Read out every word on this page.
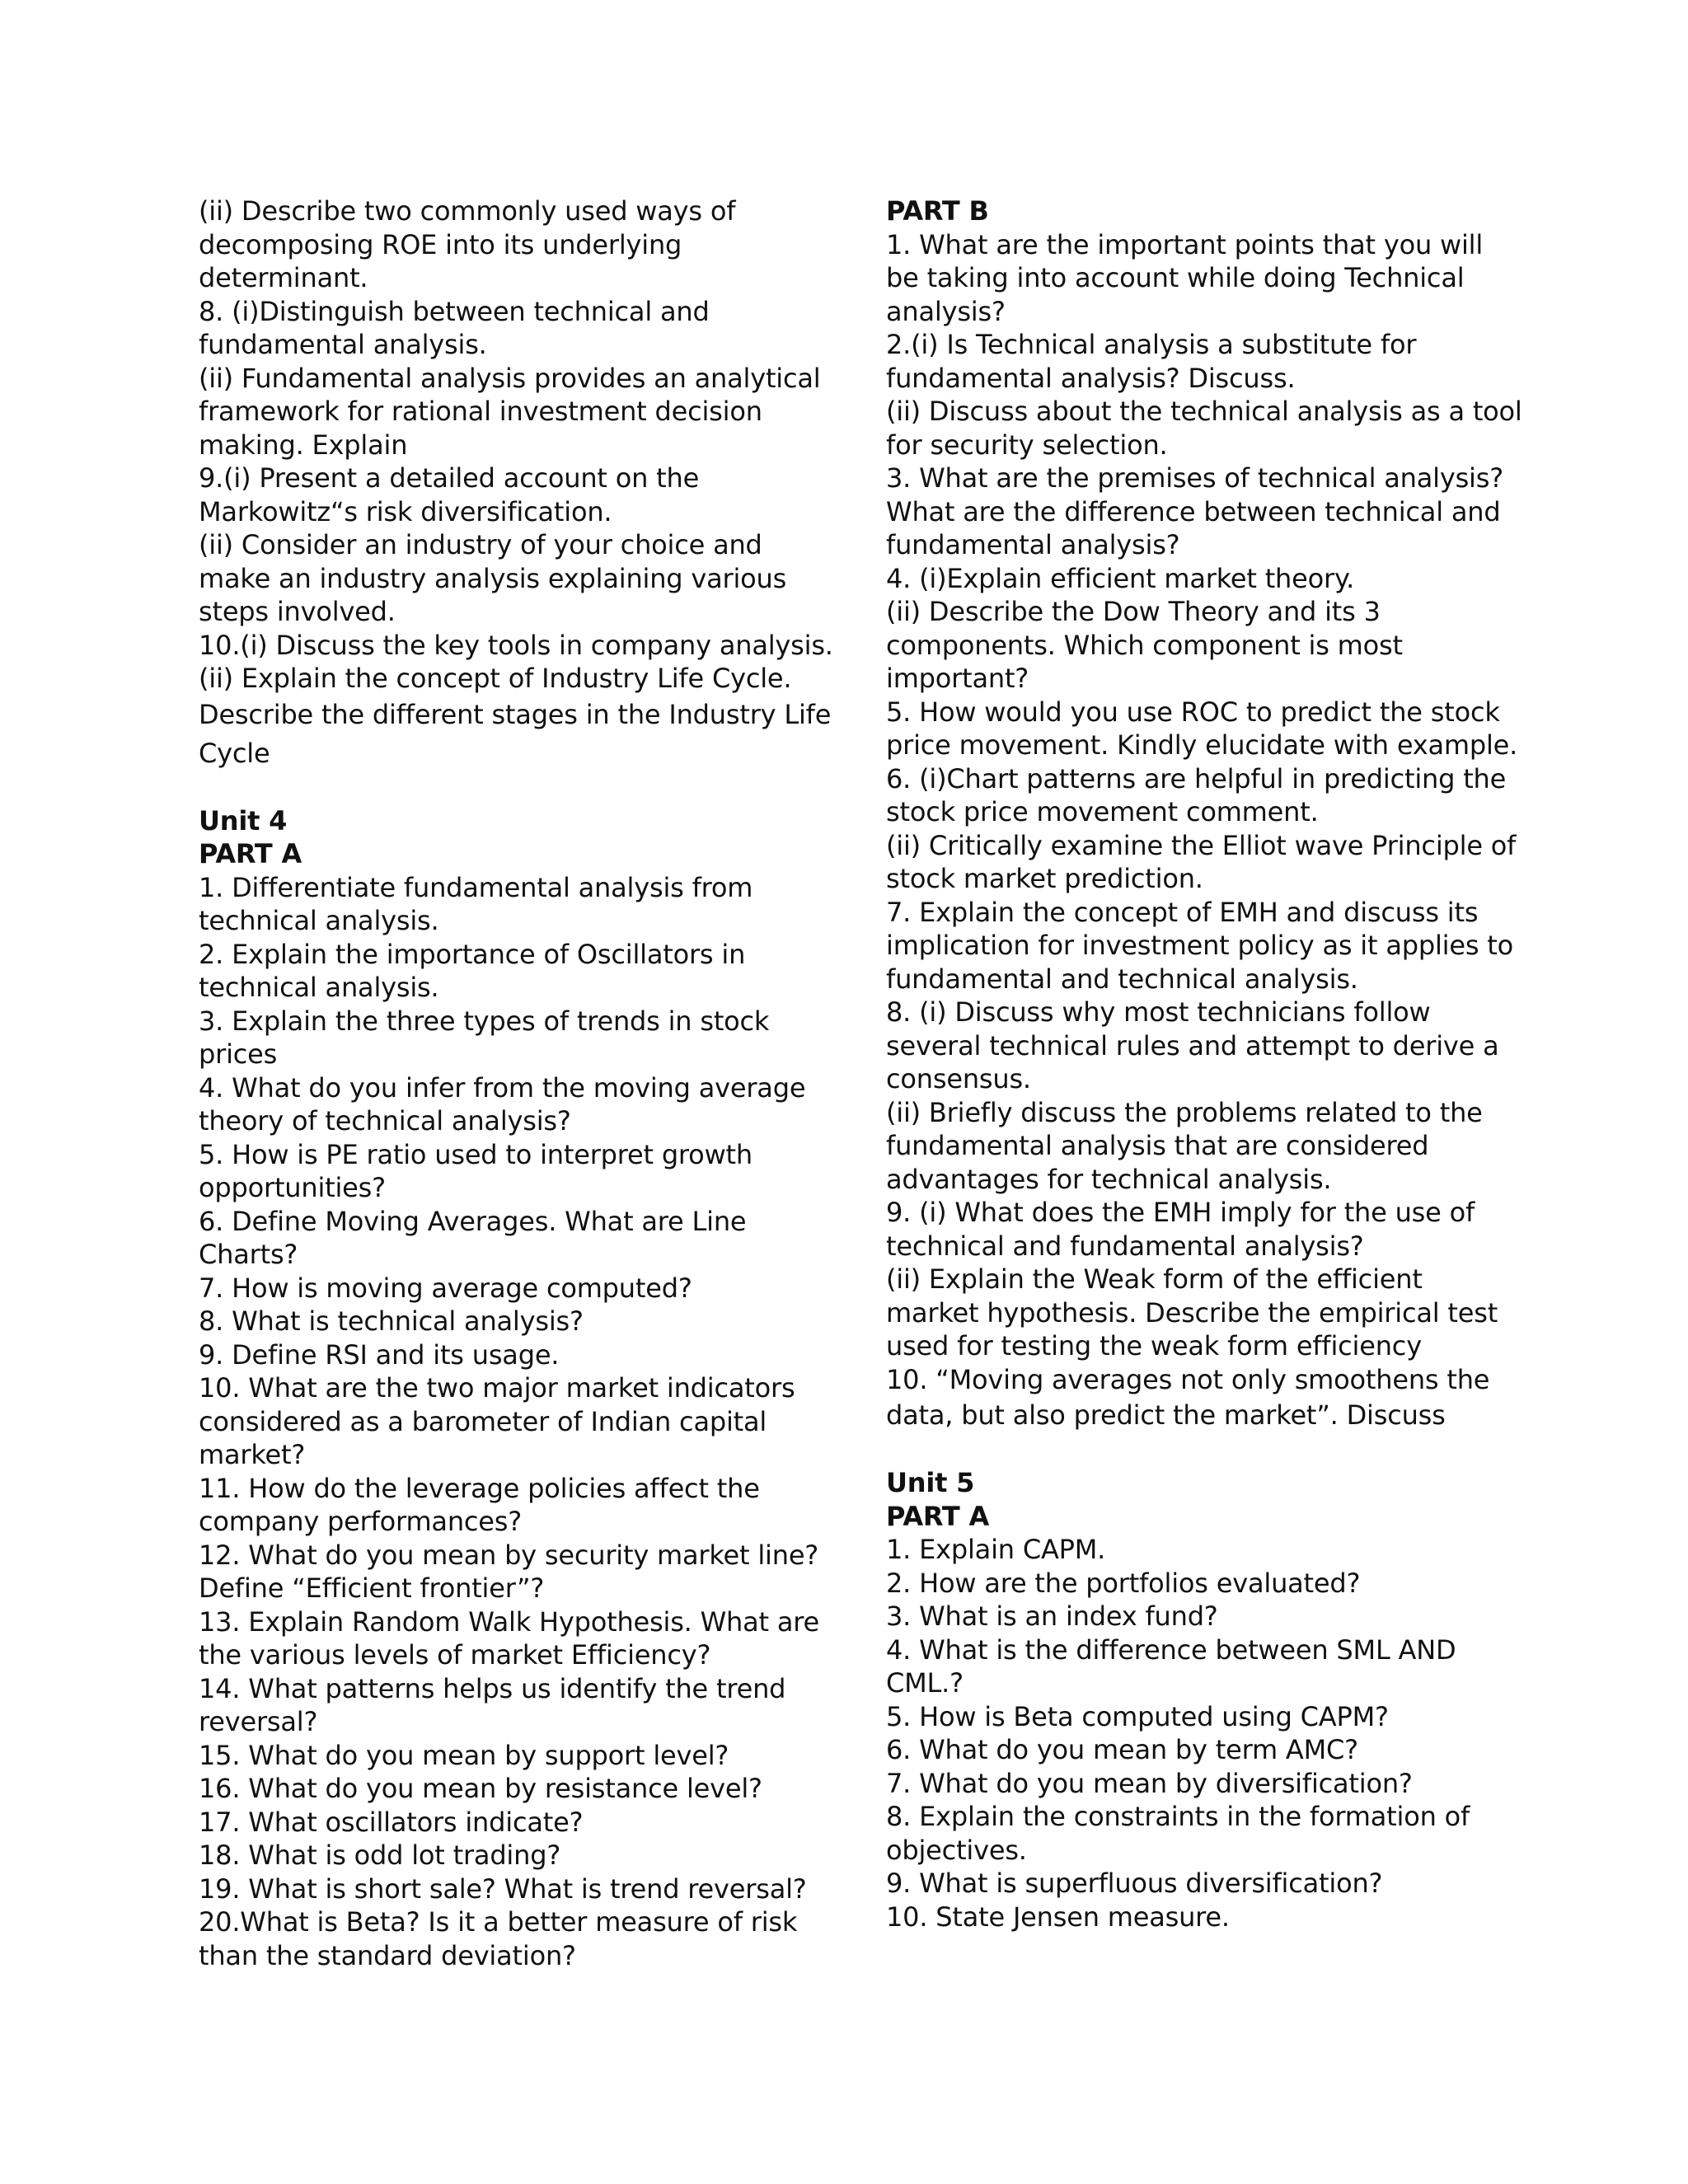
(ii) Describe two commonly used ways of
decomposing ROE into its underlying
determinant.
8. (i)Distinguish between technical and
fundamental analysis.
(ii) Fundamental analysis provides an analytical
framework for rational investment decision
making. Explain
9.(i) Present a detailed account on the
Markowitz“s risk diversification.
(ii) Consider an industry of your choice and
make an industry analysis explaining various
steps involved.
10.(i) Discuss the key tools in company analysis.
(ii) Explain the concept of Industry Life Cycle.
Describe the different stages in the Industry Life
Cycle
Unit 4
PART A
1. Differentiate fundamental analysis from
technical analysis.
2. Explain the importance of Oscillators in
technical analysis.
3. Explain the three types of trends in stock
prices
4. What do you infer from the moving average
theory of technical analysis?
5. How is PE ratio used to interpret growth
opportunities?
6. Define Moving Averages. What are Line
Charts?
7. How is moving average computed?
8. What is technical analysis?
9. Define RSI and its usage.
10. What are the two major market indicators
considered as a barometer of Indian capital
market?
11. How do the leverage policies affect the
company performances?
12. What do you mean by security market line?
Define “Efficient frontier”?
13. Explain Random Walk Hypothesis. What are
the various levels of market Efficiency?
14. What patterns helps us identify the trend
reversal?
15. What do you mean by support level?
16. What do you mean by resistance level?
17. What oscillators indicate?
18. What is odd lot trading?
19. What is short sale? What is trend reversal?
20.What is Beta? Is it a better measure of risk
than the standard deviation?
PART B
1. What are the important points that you will
be taking into account while doing Technical
analysis?
2.(i) Is Technical analysis a substitute for
fundamental analysis? Discuss.
(ii) Discuss about the technical analysis as a tool
for security selection.
3. What are the premises of technical analysis?
What are the difference between technical and
fundamental analysis?
4. (i)Explain efficient market theory.
(ii) Describe the Dow Theory and its 3
components. Which component is most
important?
5. How would you use ROC to predict the stock
price movement. Kindly elucidate with example.
6. (i)Chart patterns are helpful in predicting the
stock price movement comment.
(ii) Critically examine the Elliot wave Principle of
stock market prediction.
7. Explain the concept of EMH and discuss its
implication for investment policy as it applies to
fundamental and technical analysis.
8. (i) Discuss why most technicians follow
several technical rules and attempt to derive a
consensus.
(ii) Briefly discuss the problems related to the
fundamental analysis that are considered
advantages for technical analysis.
9. (i) What does the EMH imply for the use of
technical and fundamental analysis?
(ii) Explain the Weak form of the efficient
market hypothesis. Describe the empirical test
used for testing the weak form efficiency
10. “Moving averages not only smoothens the
data, but also predict the market”. Discuss
Unit 5
PART A
1. Explain CAPM.
2. How are the portfolios evaluated?
3. What is an index fund?
4. What is the difference between SML AND
CML.?
5. How is Beta computed using CAPM?
6. What do you mean by term AMC?
7. What do you mean by diversification?
8. Explain the constraints in the formation of
objectives.
9. What is superfluous diversification?
10. State Jensen measure.
